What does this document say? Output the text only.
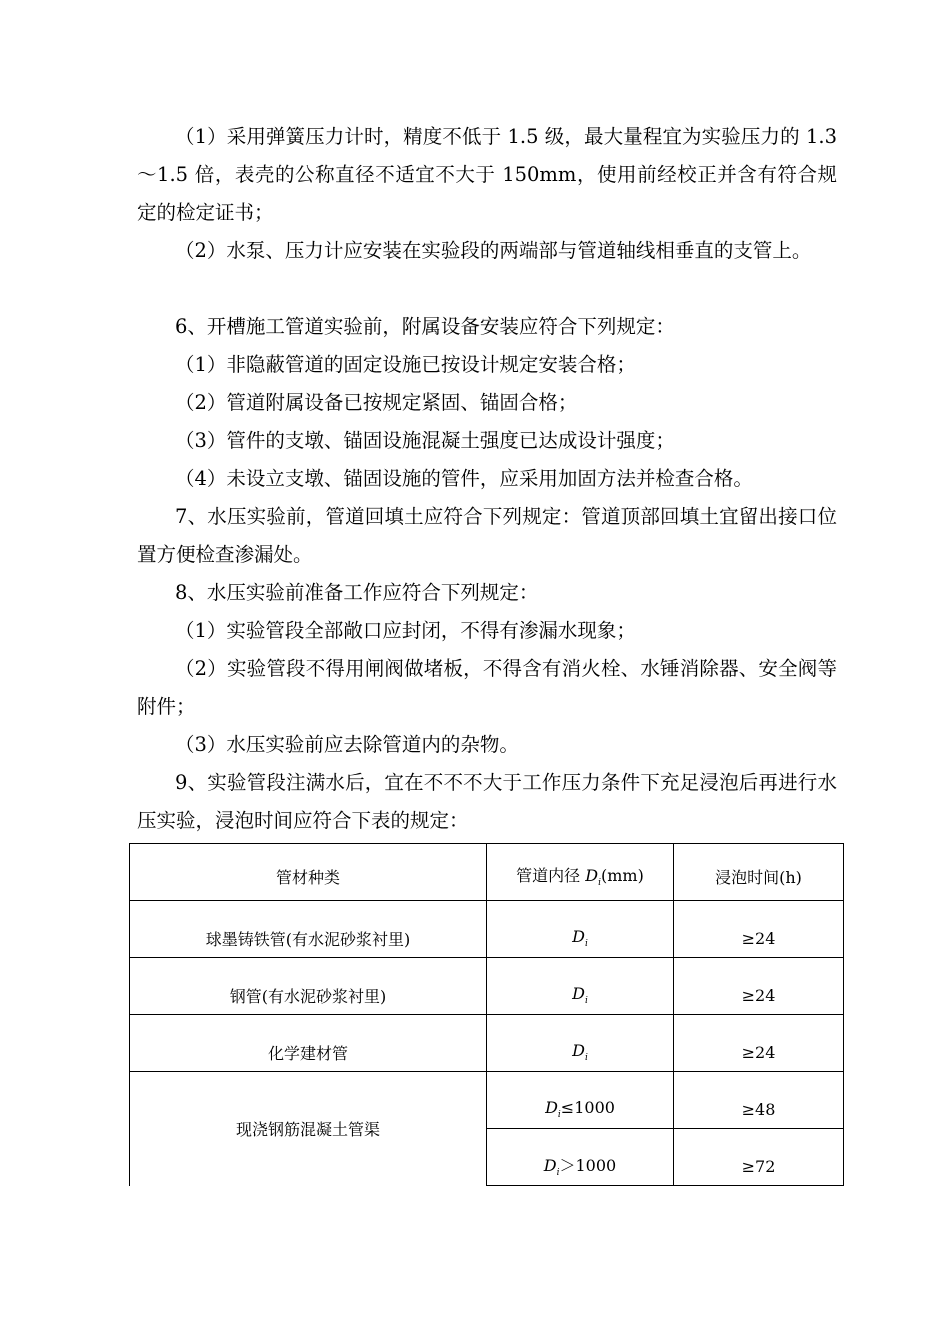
（1）采用弹簧压力计时，精度不低于 1.5 级，最大量程宜为实验压力的 1.3～1.5 倍，表壳的公称直径不适宜不大于 150mm，使用前经校正并含有符合规定的检定证书；

（2）水泵、压力计应安装在实验段的两端部与管道轴线相垂直的支管上。

6、开槽施工管道实验前，附属设备安装应符合下列规定：

（1）非隐蔽管道的固定设施已按设计规定安装合格；

（2）管道附属设备已按规定紧固、锚固合格；

（3）管件的支墩、锚固设施混凝土强度已达成设计强度；

（4）未设立支墩、锚固设施的管件，应采用加固方法并检查合格。

7、水压实验前，管道回填土应符合下列规定：管道顶部回填土宜留出接口位置方便检查渗漏处。

8、水压实验前准备工作应符合下列规定：

（1）实验管段全部敞口应封闭，不得有渗漏水现象；

（2）实验管段不得用闸阀做堵板，不得含有消火栓、水锤消除器、安全阀等附件；

（3）水压实验前应去除管道内的杂物。

9、实验管段注满水后，宜在不不不大于工作压力条件下充足浸泡后再进行水压实验，浸泡时间应符合下表的规定：

管材种类	管道内径 $D_i(mm)$	浸泡时间(h)
球墨铸铁管(有水泥砂浆衬里)	$D_i$	≥24
钢管(有水泥砂浆衬里)	$D_i$	≥24
化学建材管	$D_i$	≥24
现浇钢筋混凝土管渠	$D_i\le 1000$	≥48
	$D_i>1000$	≥72
